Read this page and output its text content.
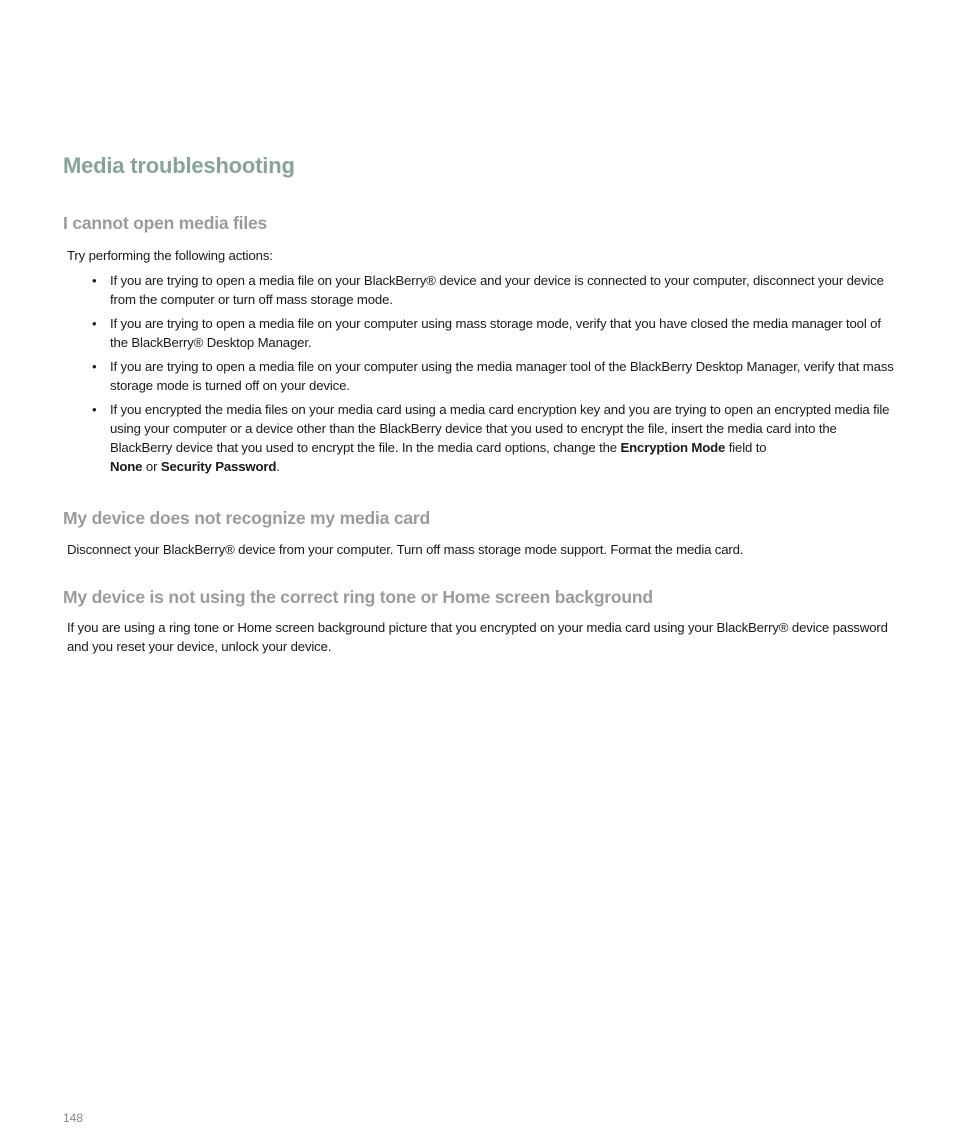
Media troubleshooting
I cannot open media files

Try performing the following actions:

• If you are trying to open a media file on your BlackBerry® device and your device is connected to your computer, disconnect your device from the computer or turn off mass storage mode.
• If you are trying to open a media file on your computer using mass storage mode, verify that you have closed the media manager tool of the BlackBerry® Desktop Manager.
• If you are trying to open a media file on your computer using the media manager tool of the BlackBerry Desktop Manager, verify that mass storage mode is turned off on your device.
• If you encrypted the media files on your media card using a media card encryption key and you are trying to open an encrypted media file using your computer or a device other than the BlackBerry device that you used to encrypt the file, insert the media card into the BlackBerry device that you used to encrypt the file. In the media card options, change the Encryption Mode field to
None or Security Password.
My device does not recognize my media card

Disconnect your BlackBerry® device from your computer. Turn off mass storage mode support. Format the media card.

My device is not using the correct ring tone or Home screen background

If you are using a ring tone or Home screen background picture that you encrypted on your media card using your BlackBerry® device password and you reset your device, unlock your device.

148
